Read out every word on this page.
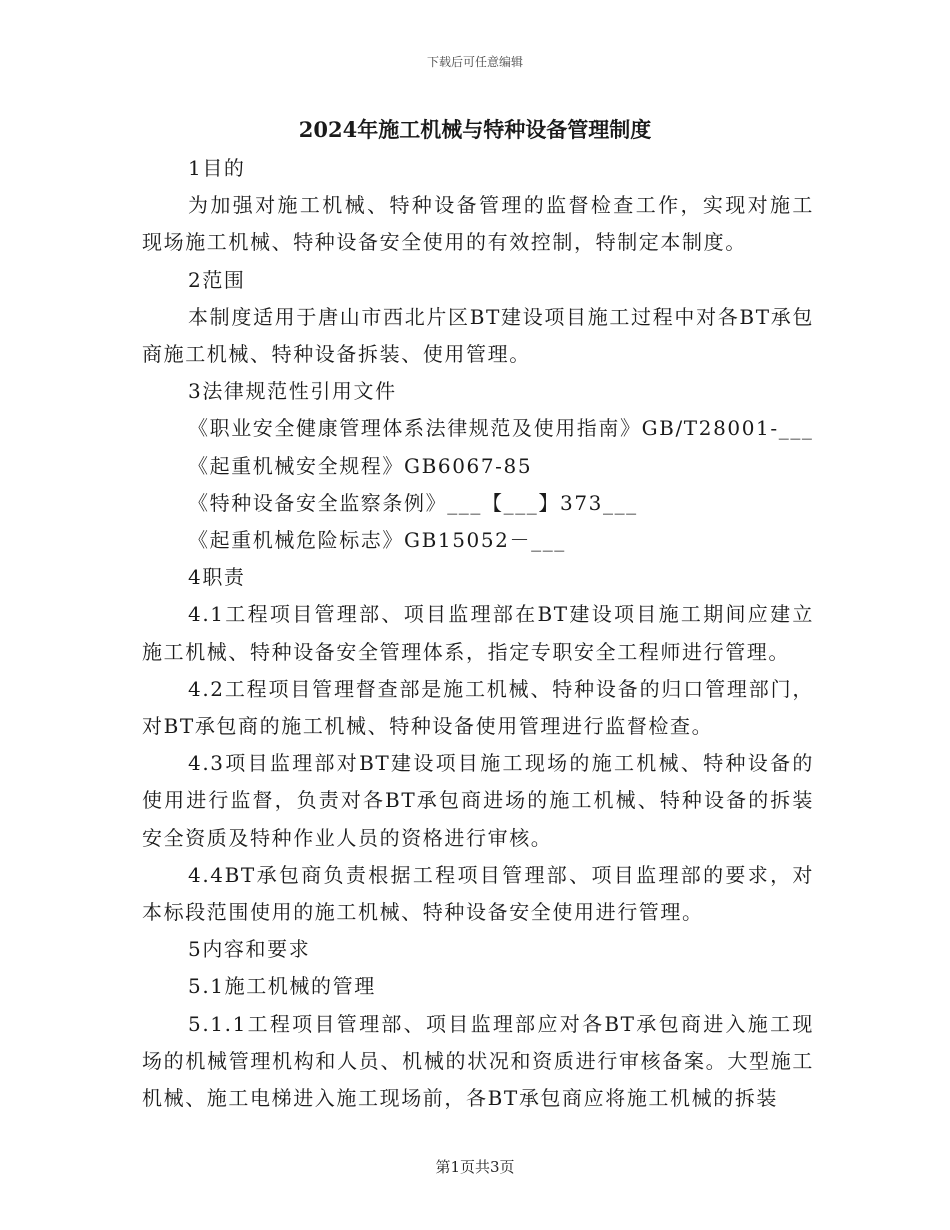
下载后可任意编辑
2024年施工机械与特种设备管理制度

1目的

为加强对施工机械、特种设备管理的监督检查工作，实现对施工现场施工机械、特种设备安全使用的有效控制，特制定本制度。

2范围

本制度适用于唐山市西北片区BT建设项目施工过程中对各BT承包商施工机械、特种设备拆装、使用管理。

3法律规范性引用文件

《职业安全健康管理体系法律规范及使用指南》GB/T28001-___

《起重机械安全规程》GB6067-85

《特种设备安全监察条例》___【___】373___

《起重机械危险标志》GB15052－___

4职责

4.1工程项目管理部、项目监理部在BT建设项目施工期间应建立施工机械、特种设备安全管理体系，指定专职安全工程师进行管理。

4.2工程项目管理督查部是施工机械、特种设备的归口管理部门，对BT承包商的施工机械、特种设备使用管理进行监督检查。

4.3项目监理部对BT建设项目施工现场的施工机械、特种设备的使用进行监督，负责对各BT承包商进场的施工机械、特种设备的拆装安全资质及特种作业人员的资格进行审核。

4.4BT承包商负责根据工程项目管理部、项目监理部的要求，对本标段范围使用的施工机械、特种设备安全使用进行管理。

5内容和要求

5.1施工机械的管理

5.1.1工程项目管理部、项目监理部应对各BT承包商进入施工现场的机械管理机构和人员、机械的状况和资质进行审核备案。大型施工机械、施工电梯进入施工现场前，各BT承包商应将施工机械的拆装

第1页共3页
